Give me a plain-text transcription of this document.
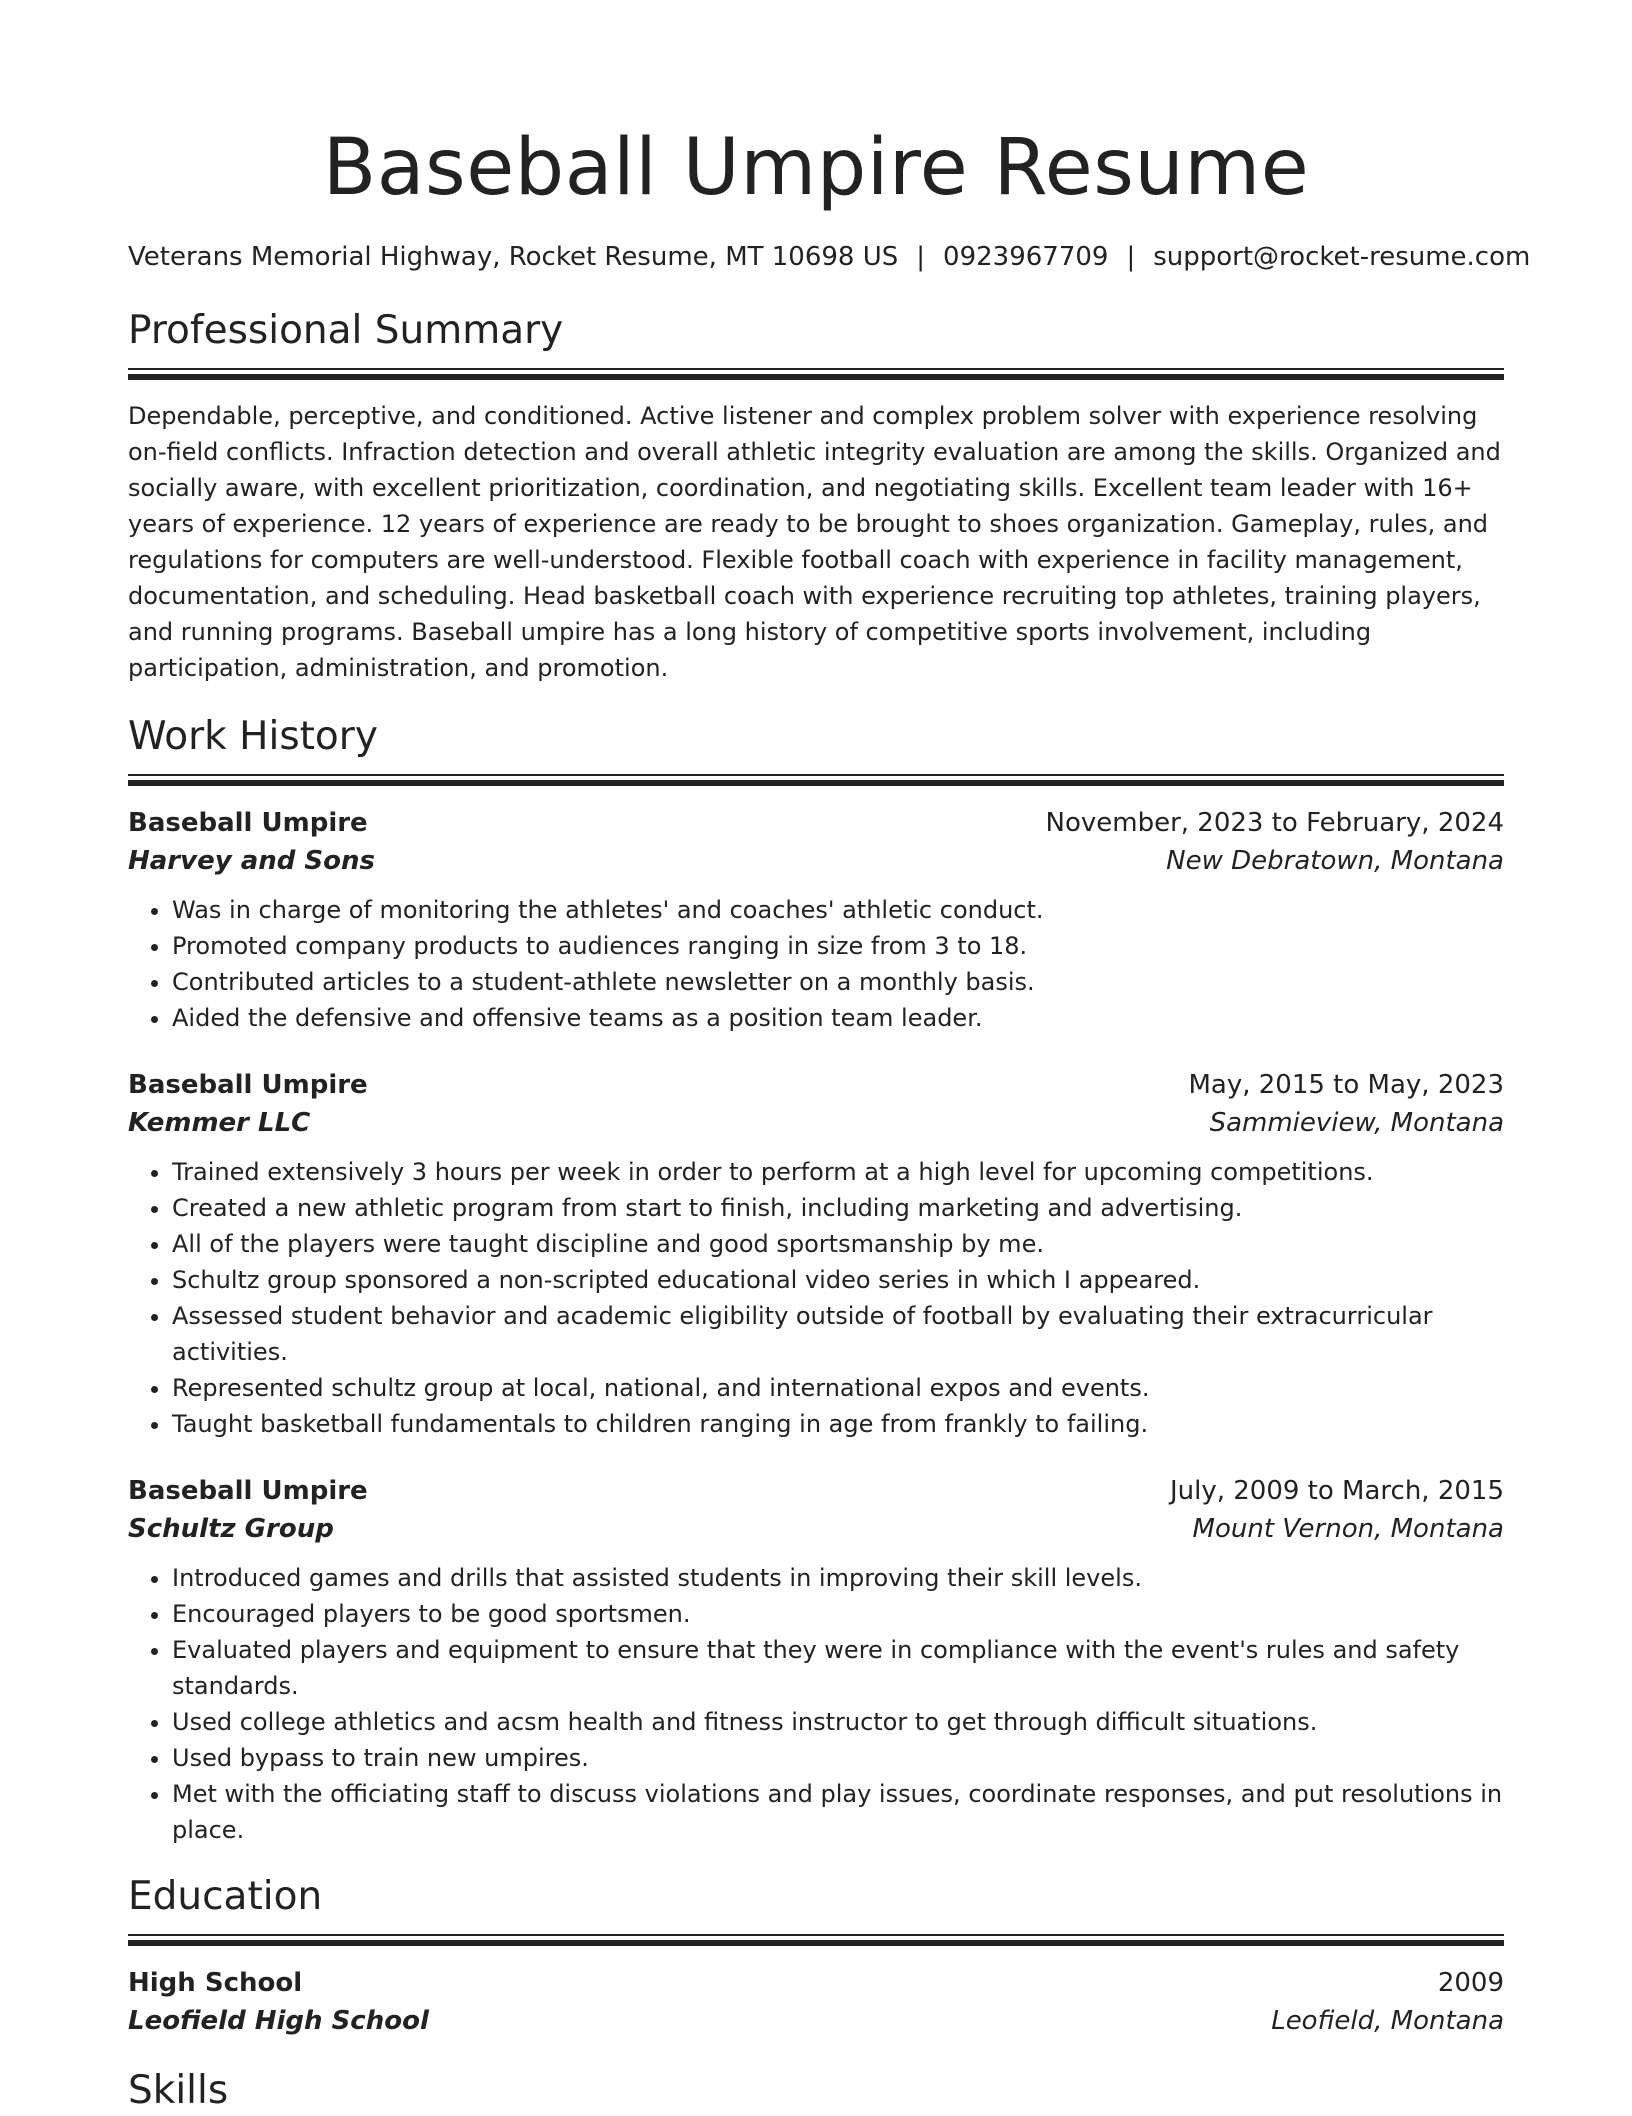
Baseball Umpire Resume
Veterans Memorial Highway, Rocket Resume, MT 10698 US | 0923967709 | support@rocket-resume.com
Professional Summary

Dependable, perceptive, and conditioned. Active listener and complex problem solver with experience resolving on-field conflicts. Infraction detection and overall athletic integrity evaluation are among the skills. Organized and socially aware, with excellent prioritization, coordination, and negotiating skills. Excellent team leader with 16+ years of experience. 12 years of experience are ready to be brought to shoes organization. Gameplay, rules, and regulations for computers are well-understood. Flexible football coach with experience in facility management, documentation, and scheduling. Head basketball coach with experience recruiting top athletes, training players, and running programs. Baseball umpire has a long history of competitive sports involvement, including participation, administration, and promotion.

Work History
Baseball Umpire	November, 2023 to February, 2024
Harvey and Sons	New Debratown, Montana
• Was in charge of monitoring the athletes' and coaches' athletic conduct.
• Promoted company products to audiences ranging in size from 3 to 18.
• Contributed articles to a student-athlete newsletter on a monthly basis.
• Aided the defensive and offensive teams as a position team leader.
Baseball Umpire	May, 2015 to May, 2023
Kemmer LLC	Sammieview, Montana
• Trained extensively 3 hours per week in order to perform at a high level for upcoming competitions.
• Created a new athletic program from start to finish, including marketing and advertising.
• All of the players were taught discipline and good sportsmanship by me.
• Schultz group sponsored a non-scripted educational video series in which I appeared.
• Assessed student behavior and academic eligibility outside of football by evaluating their extracurricular activities.
• Represented schultz group at local, national, and international expos and events.
• Taught basketball fundamentals to children ranging in age from frankly to failing.
Baseball Umpire	July, 2009 to March, 2015
Schultz Group	Mount Vernon, Montana
• Introduced games and drills that assisted students in improving their skill levels.
• Encouraged players to be good sportsmen.
• Evaluated players and equipment to ensure that they were in compliance with the event's rules and safety standards.
• Used college athletics and acsm health and fitness instructor to get through difficult situations.
• Used bypass to train new umpires.
• Met with the officiating staff to discuss violations and play issues, coordinate responses, and put resolutions in place.
Education
High School	2009
Leofield High School	Leofield, Montana
Skills
